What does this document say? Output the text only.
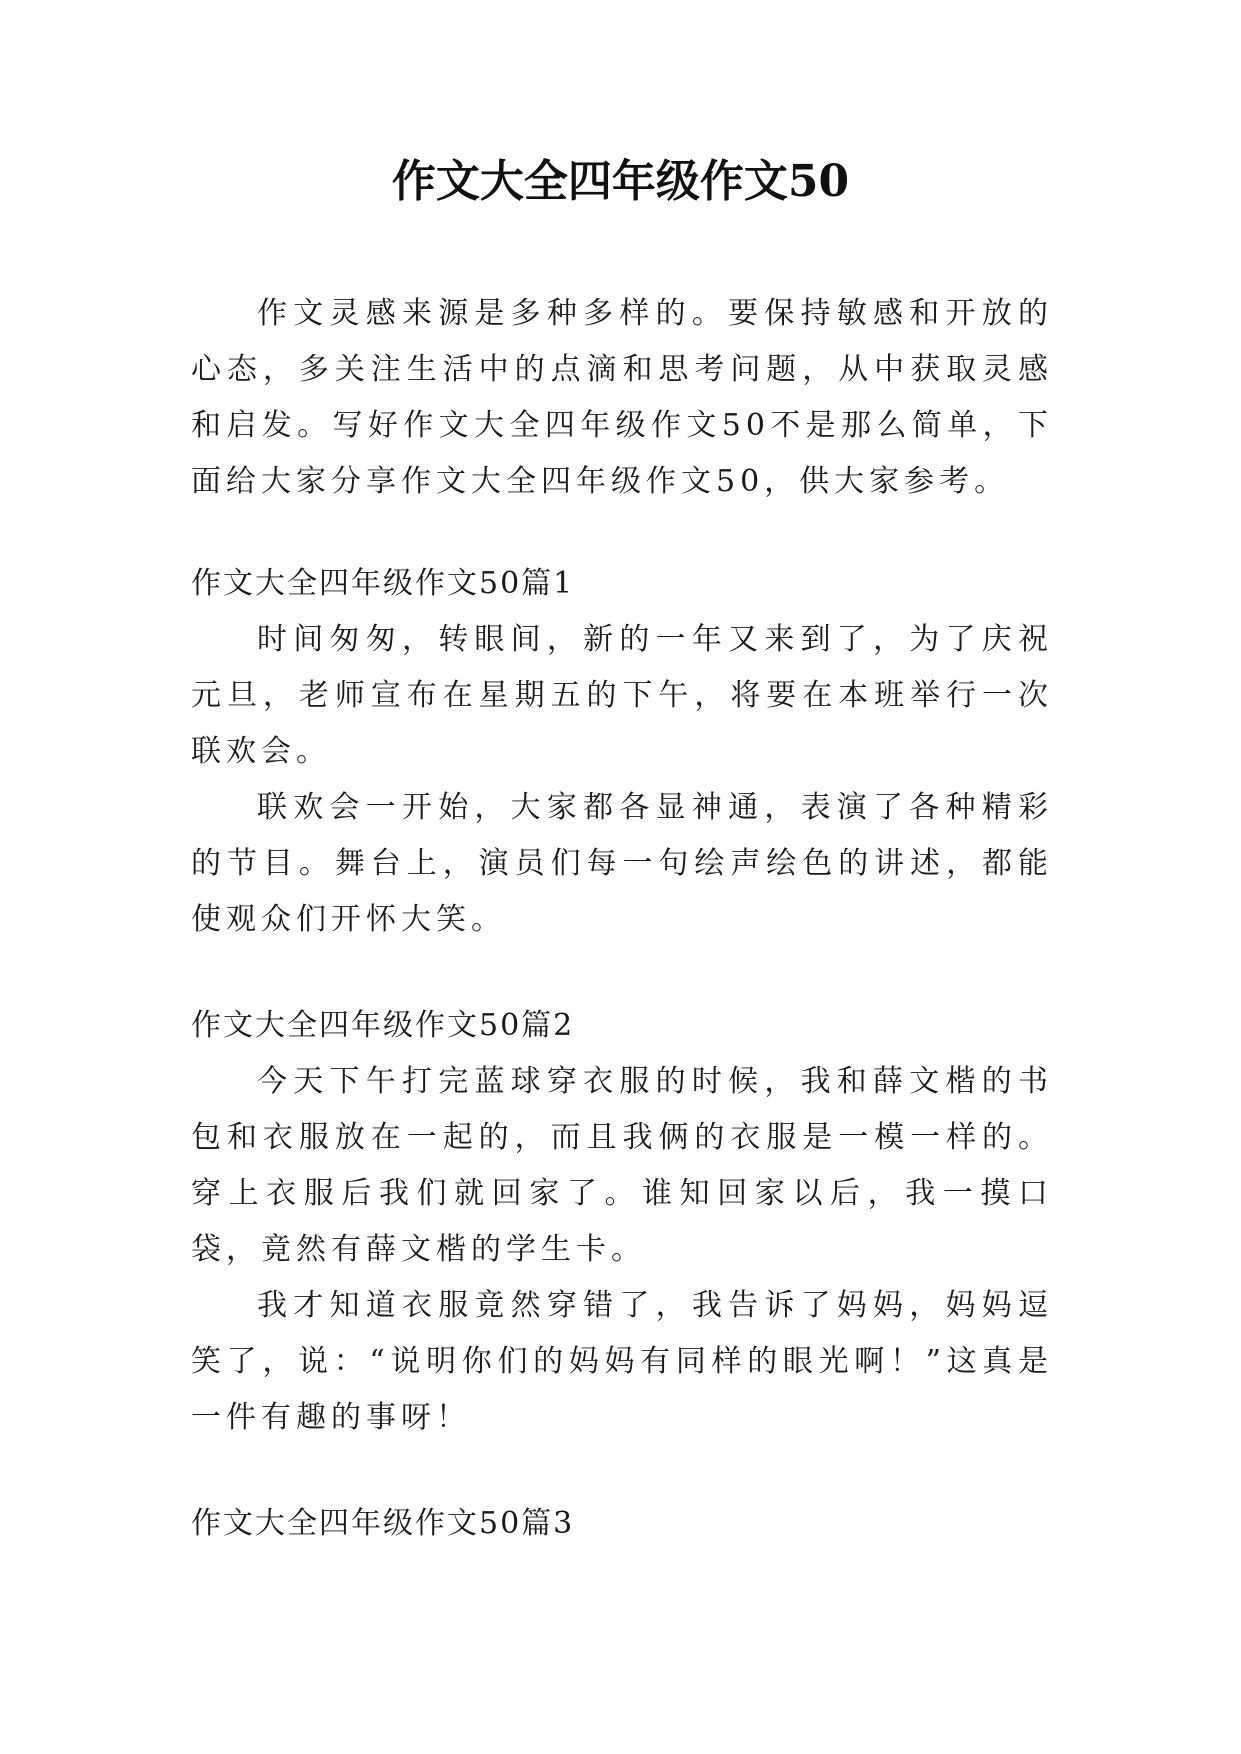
作文大全四年级作文50

作文灵感来源是多种多样的。要保持敏感和开放的心态，多关注生活中的点滴和思考问题，从中获取灵感和启发。写好作文大全四年级作文50不是那么简单，下面给大家分享作文大全四年级作文50，供大家参考。

作文大全四年级作文50篇1

时间匆匆，转眼间，新的一年又来到了，为了庆祝元旦，老师宣布在星期五的下午，将要在本班举行一次联欢会。

联欢会一开始，大家都各显神通，表演了各种精彩的节目。舞台上，演员们每一句绘声绘色的讲述，都能使观众们开怀大笑。

作文大全四年级作文50篇2

今天下午打完蓝球穿衣服的时候，我和薛文楷的书包和衣服放在一起的，而且我俩的衣服是一模一样的。穿上衣服后我们就回家了。谁知回家以后，我一摸口袋，竟然有薛文楷的学生卡。

我才知道衣服竟然穿错了，我告诉了妈妈，妈妈逗笑了，说：“说明你们的妈妈有同样的眼光啊！”这真是一件有趣的事呀！

作文大全四年级作文50篇3
